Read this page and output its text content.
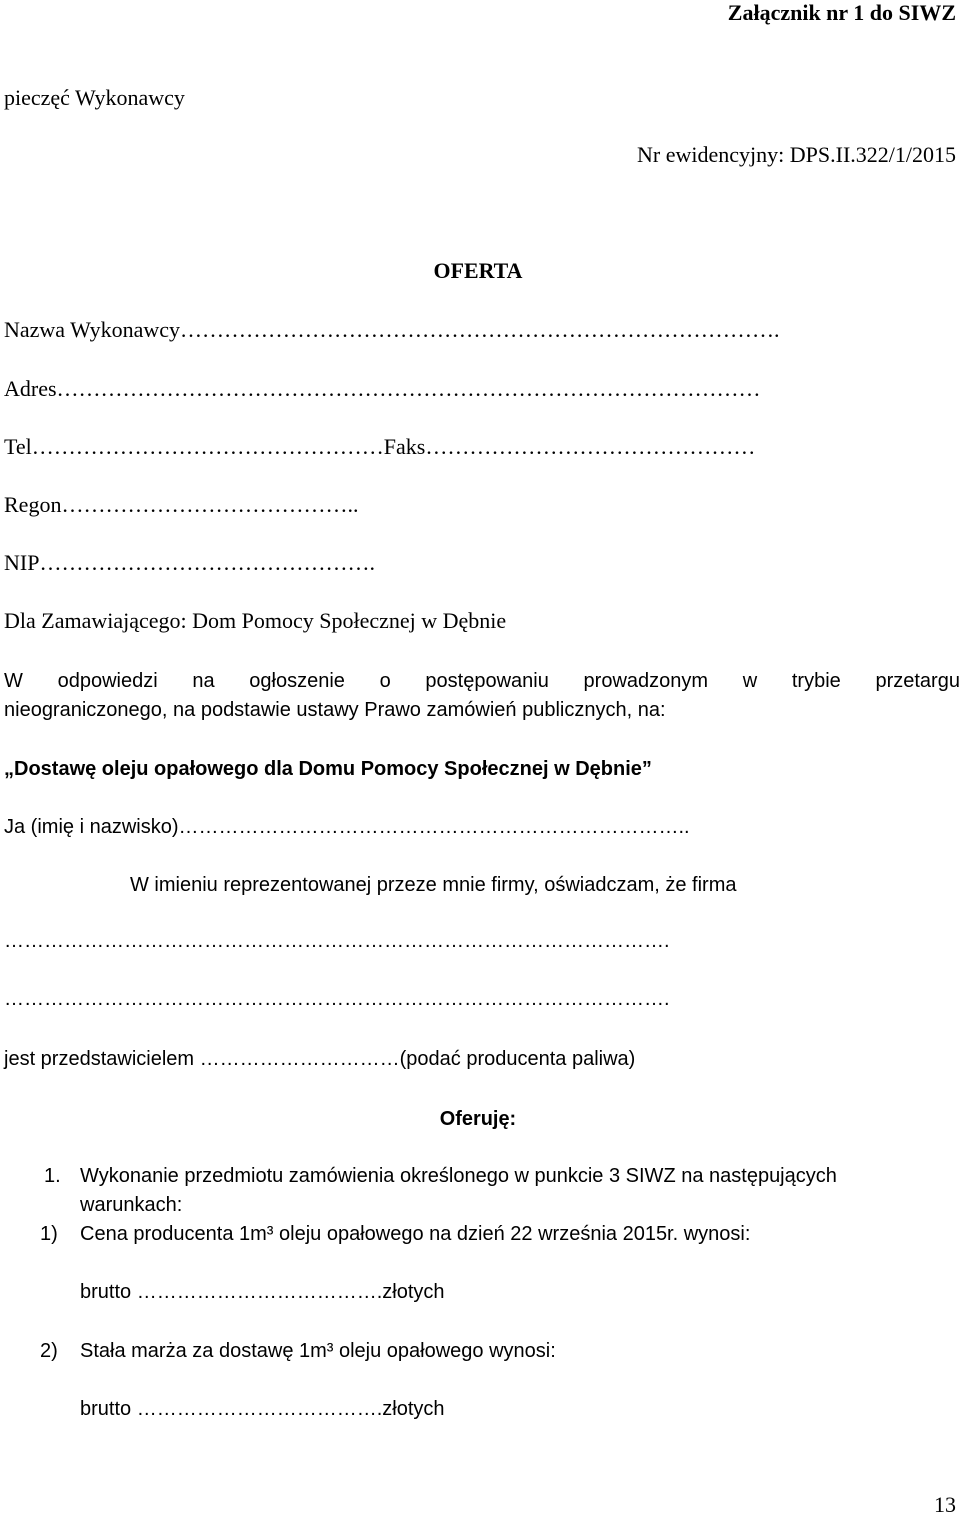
Załącznik nr 1 do SIWZ
pieczęć Wykonawcy
Nr ewidencyjny: DPS.II.322/1/2015
OFERTA
Nazwa Wykonawcy……………………………………………………………………….
Adres……………………………………………………………………………………
Tel…………………………………………Faks………………………………………
Regon…………………………………..
NIP……………………………………….
Dla Zamawiającego: Dom Pomocy Społecznej w Dębnie
W odpowiedzi na ogłoszenie o postępowaniu prowadzonym w trybie przetargu
nieograniczonego, na podstawie ustawy Prawo zamówień publicznych, na:
„Dostawę oleju opałowego dla Domu Pomocy Społecznej w Dębnie”
Ja (imię i nazwisko)…………………………………………………………………..
W imieniu reprezentowanej przeze mnie firmy, oświadczam, że firma
……………………………………………………………………………………….
……………………………………………………………………………………….
jest przedstawicielem …………………………(podać producenta paliwa)
Oferuję:
1. Wykonanie przedmiotu zamówienia określonego w punkcie 3 SIWZ na następujących
warunkach:
1) Cena producenta 1m³ oleju opałowego na dzień 22 września 2015r. wynosi:
brutto ……………………………….złotych
2) Stała marża za dostawę 1m³ oleju opałowego wynosi:
brutto ……………………………….złotych
13
